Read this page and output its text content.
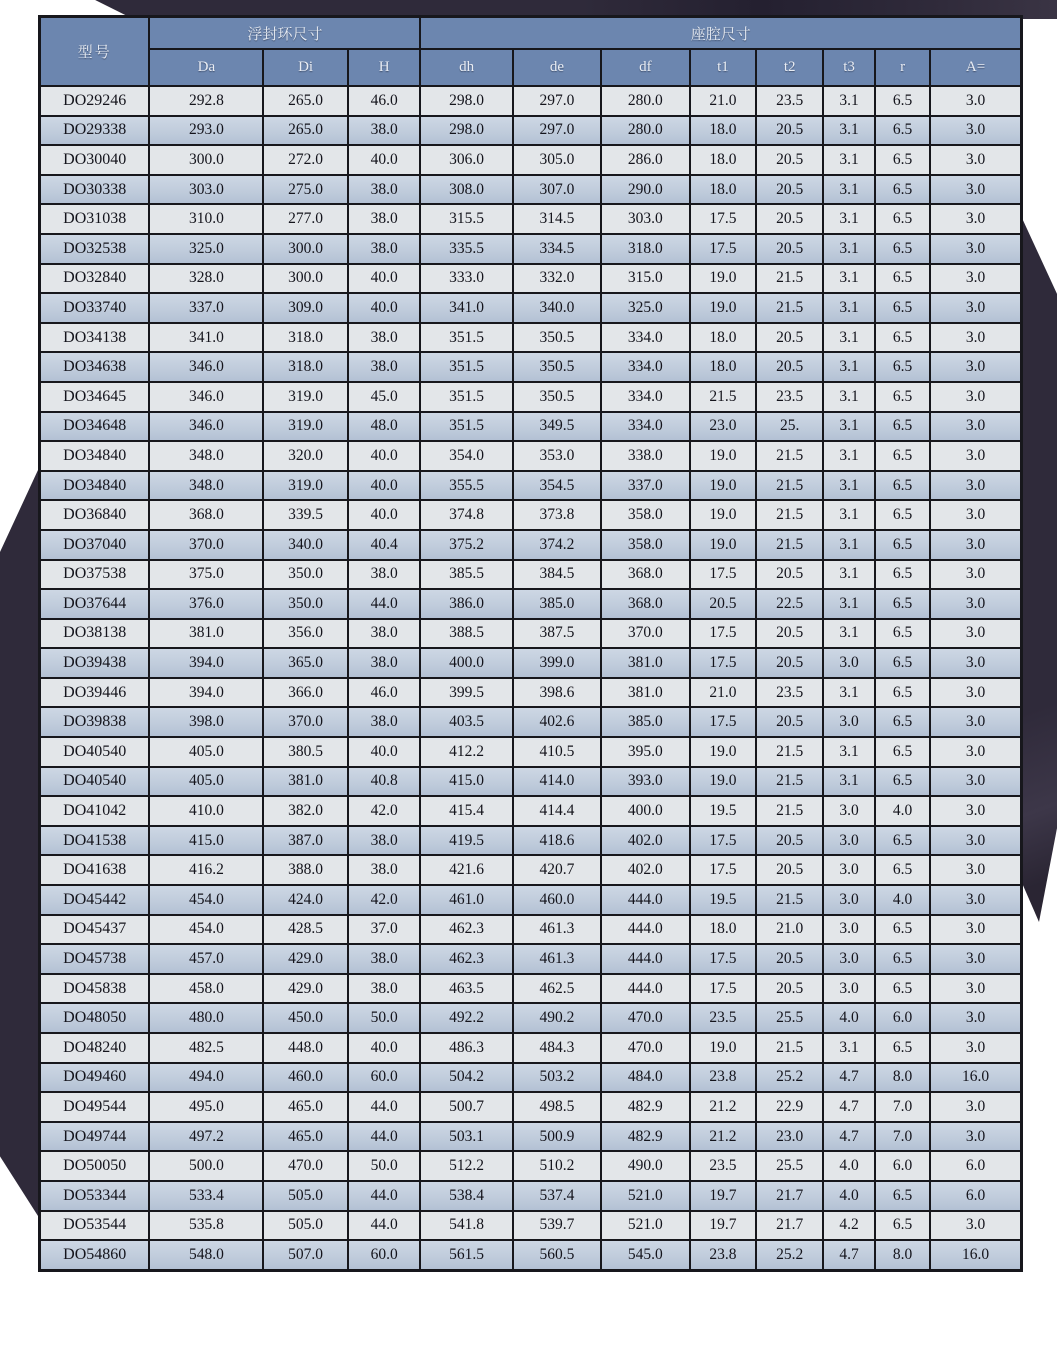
型号	浮封环尺寸			座腔尺寸							
	Da	Di	H	dh	de	df	t1	t2	t3	r	A=
DO29246	292.8	265.0	46.0	298.0	297.0	280.0	21.0	23.5	3.1	6.5	3.0
DO29338	293.0	265.0	38.0	298.0	297.0	280.0	18.0	20.5	3.1	6.5	3.0
DO30040	300.0	272.0	40.0	306.0	305.0	286.0	18.0	20.5	3.1	6.5	3.0
DO30338	303.0	275.0	38.0	308.0	307.0	290.0	18.0	20.5	3.1	6.5	3.0
DO31038	310.0	277.0	38.0	315.5	314.5	303.0	17.5	20.5	3.1	6.5	3.0
DO32538	325.0	300.0	38.0	335.5	334.5	318.0	17.5	20.5	3.1	6.5	3.0
DO32840	328.0	300.0	40.0	333.0	332.0	315.0	19.0	21.5	3.1	6.5	3.0
DO33740	337.0	309.0	40.0	341.0	340.0	325.0	19.0	21.5	3.1	6.5	3.0
DO34138	341.0	318.0	38.0	351.5	350.5	334.0	18.0	20.5	3.1	6.5	3.0
DO34638	346.0	318.0	38.0	351.5	350.5	334.0	18.0	20.5	3.1	6.5	3.0
DO34645	346.0	319.0	45.0	351.5	350.5	334.0	21.5	23.5	3.1	6.5	3.0
DO34648	346.0	319.0	48.0	351.5	349.5	334.0	23.0	25.	3.1	6.5	3.0
DO34840	348.0	320.0	40.0	354.0	353.0	338.0	19.0	21.5	3.1	6.5	3.0
DO34840	348.0	319.0	40.0	355.5	354.5	337.0	19.0	21.5	3.1	6.5	3.0
DO36840	368.0	339.5	40.0	374.8	373.8	358.0	19.0	21.5	3.1	6.5	3.0
DO37040	370.0	340.0	40.4	375.2	374.2	358.0	19.0	21.5	3.1	6.5	3.0
DO37538	375.0	350.0	38.0	385.5	384.5	368.0	17.5	20.5	3.1	6.5	3.0
DO37644	376.0	350.0	44.0	386.0	385.0	368.0	20.5	22.5	3.1	6.5	3.0
DO38138	381.0	356.0	38.0	388.5	387.5	370.0	17.5	20.5	3.1	6.5	3.0
DO39438	394.0	365.0	38.0	400.0	399.0	381.0	17.5	20.5	3.0	6.5	3.0
DO39446	394.0	366.0	46.0	399.5	398.6	381.0	21.0	23.5	3.1	6.5	3.0
DO39838	398.0	370.0	38.0	403.5	402.6	385.0	17.5	20.5	3.0	6.5	3.0
DO40540	405.0	380.5	40.0	412.2	410.5	395.0	19.0	21.5	3.1	6.5	3.0
DO40540	405.0	381.0	40.8	415.0	414.0	393.0	19.0	21.5	3.1	6.5	3.0
DO41042	410.0	382.0	42.0	415.4	414.4	400.0	19.5	21.5	3.0	4.0	3.0
DO41538	415.0	387.0	38.0	419.5	418.6	402.0	17.5	20.5	3.0	6.5	3.0
DO41638	416.2	388.0	38.0	421.6	420.7	402.0	17.5	20.5	3.0	6.5	3.0
DO45442	454.0	424.0	42.0	461.0	460.0	444.0	19.5	21.5	3.0	4.0	3.0
DO45437	454.0	428.5	37.0	462.3	461.3	444.0	18.0	21.0	3.0	6.5	3.0
DO45738	457.0	429.0	38.0	462.3	461.3	444.0	17.5	20.5	3.0	6.5	3.0
DO45838	458.0	429.0	38.0	463.5	462.5	444.0	17.5	20.5	3.0	6.5	3.0
DO48050	480.0	450.0	50.0	492.2	490.2	470.0	23.5	25.5	4.0	6.0	3.0
DO48240	482.5	448.0	40.0	486.3	484.3	470.0	19.0	21.5	3.1	6.5	3.0
DO49460	494.0	460.0	60.0	504.2	503.2	484.0	23.8	25.2	4.7	8.0	16.0
DO49544	495.0	465.0	44.0	500.7	498.5	482.9	21.2	22.9	4.7	7.0	3.0
DO49744	497.2	465.0	44.0	503.1	500.9	482.9	21.2	23.0	4.7	7.0	3.0
DO50050	500.0	470.0	50.0	512.2	510.2	490.0	23.5	25.5	4.0	6.0	6.0
DO53344	533.4	505.0	44.0	538.4	537.4	521.0	19.7	21.7	4.0	6.5	6.0
DO53544	535.8	505.0	44.0	541.8	539.7	521.0	19.7	21.7	4.2	6.5	3.0
DO54860	548.0	507.0	60.0	561.5	560.5	545.0	23.8	25.2	4.7	8.0	16.0
